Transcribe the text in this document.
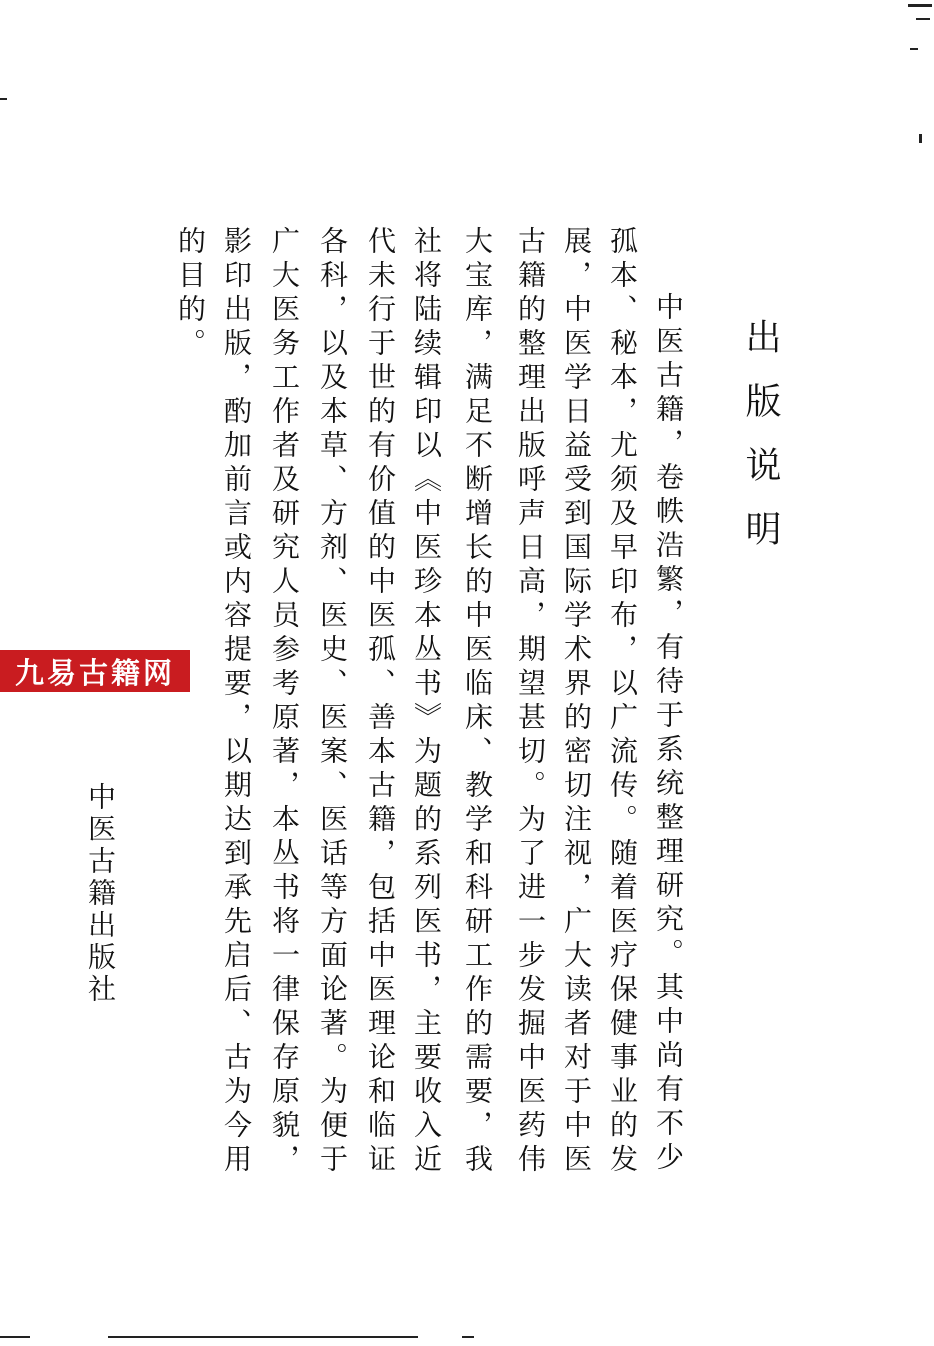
出版说明
中医古籍，卷帙浩繁，有待于系统整理研究。其中尚有不少
孤本、秘本，尤须及早印布，以广流传。随着医疗保健事业的发
展，中医学日益受到国际学术界的密切注视，广大读者对于中医
古籍的整理出版呼声日高，期望甚切。为了进一步发掘中医药伟
大宝库，满足不断增长的中医临床、教学和科研工作的需要，我
社将陆续辑印以《中医珍本丛书》为题的系列医书，主要收入近
代未行于世的有价值的中医孤、善本古籍，包括中医理论和临证
各科，以及本草、方剂、医史、医案、医话等方面论著。为便于
广大医务工作者及研究人员参考原著，本丛书将一律保存原貌，
影印出版，酌加前言或内容提要，以期达到承先启后、古为今用
的目的。
中医古籍出版社
九易古籍网
